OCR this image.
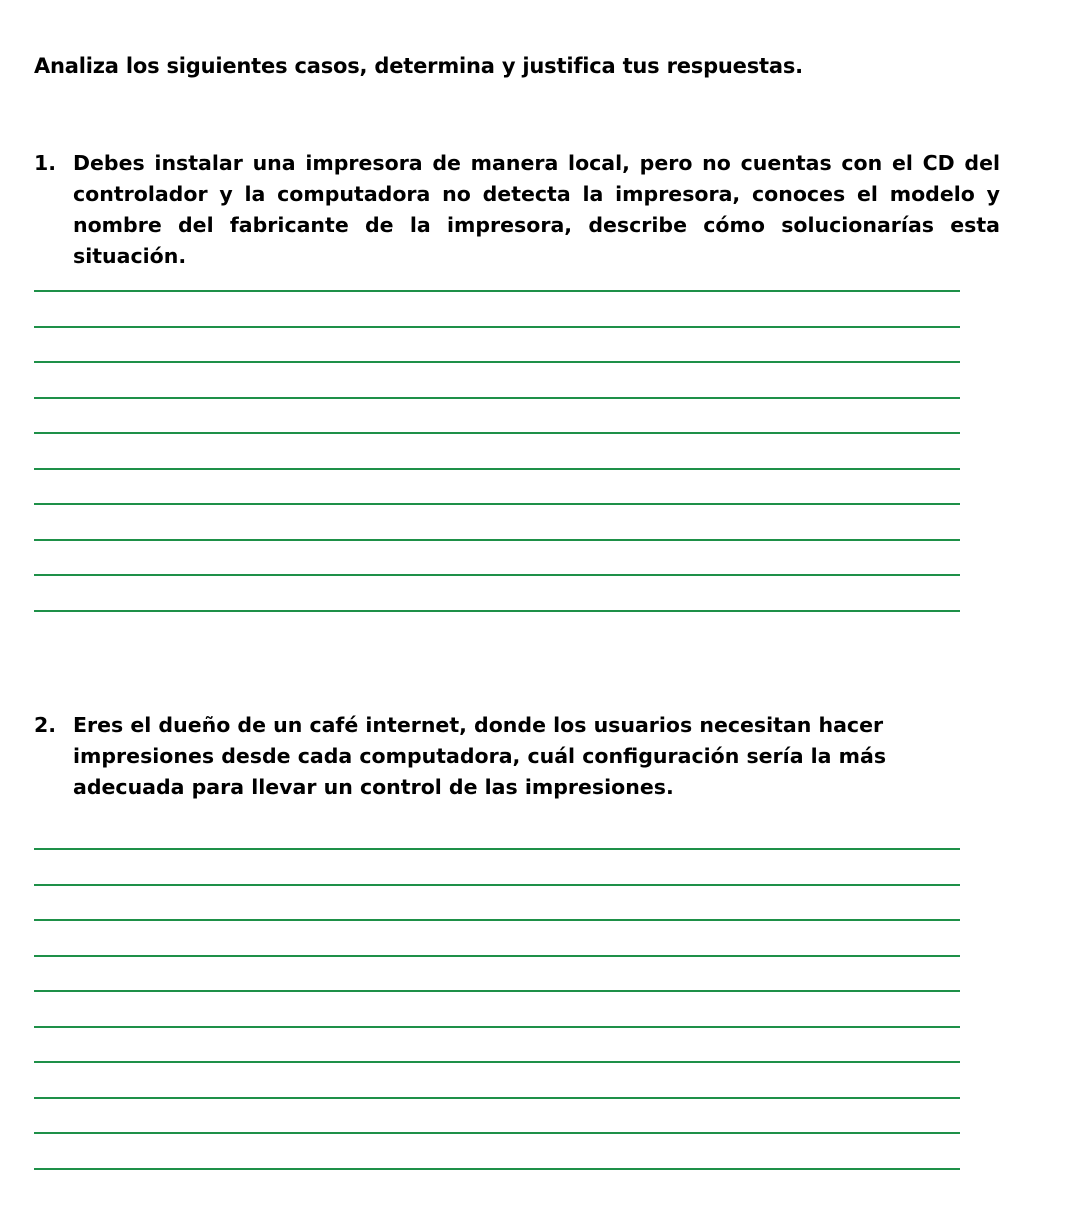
Analiza los siguientes casos, determina y justifica tus respuestas.
1. Debes instalar una impresora de manera local, pero no cuentas con el CD del controlador y la computadora no detecta la impresora, conoces el modelo y nombre del fabricante de la impresora, describe cómo solucionarías esta situación.
2. Eres el dueño de un café internet, donde los usuarios necesitan hacer impresiones desde cada computadora, cuál configuración sería la más adecuada para llevar un control de las impresiones.
